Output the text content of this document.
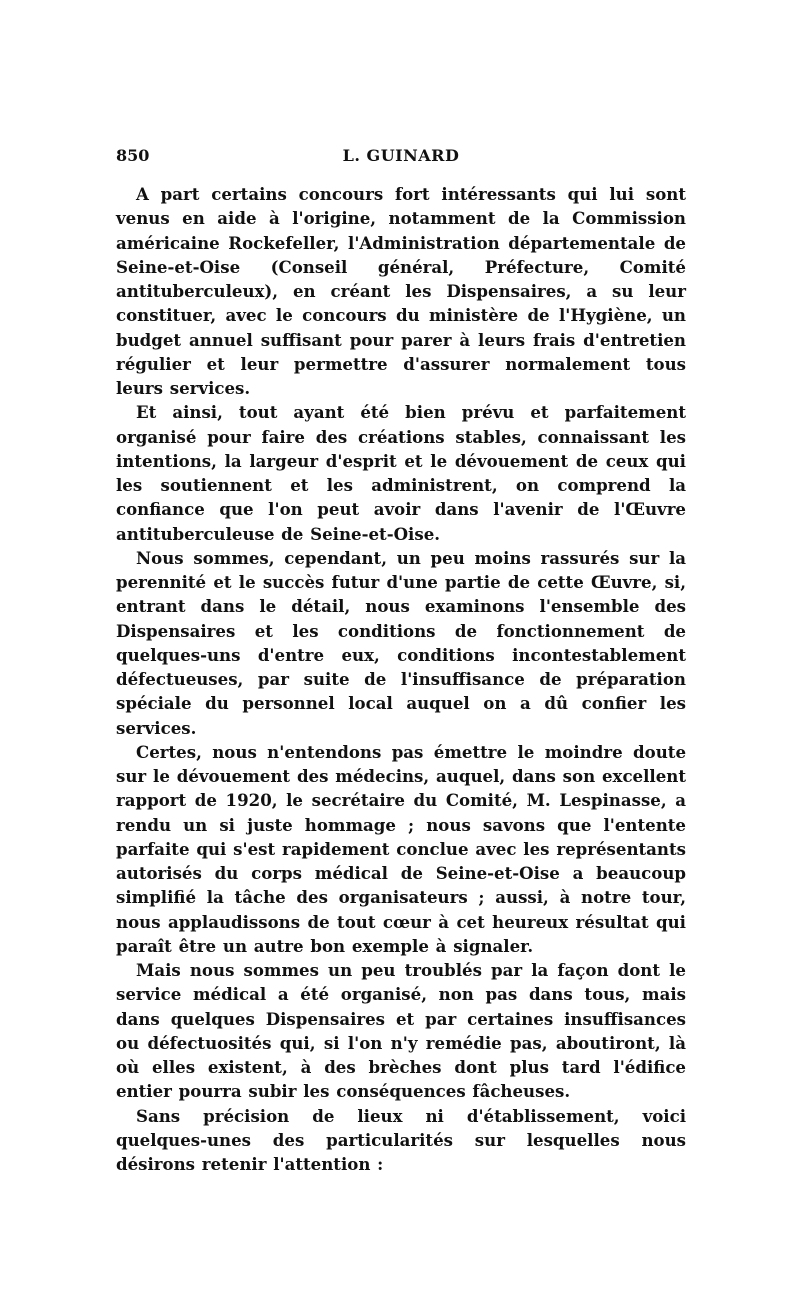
850	L. GUINARD

A part certains concours fort intéressants qui lui sont venus en aide à l'origine, notamment de la Commission américaine Rockefeller, l'Administration départementale de Seine-et-Oise (Conseil général, Préfecture, Comité antituberculeux), en créant les Dispensaires, a su leur constituer, avec le concours du ministère de l'Hygiène, un budget annuel suffisant pour parer à leurs frais d'entretien régulier et leur permettre d'assurer normalement tous leurs services.

Et ainsi, tout ayant été bien prévu et parfaitement organisé pour faire des créations stables, connaissant les intentions, la largeur d'esprit et le dévouement de ceux qui les soutiennent et les administrent, on comprend la confiance que l'on peut avoir dans l'avenir de l'Œuvre antituberculeuse de Seine-et-Oise.

Nous sommes, cependant, un peu moins rassurés sur la perennité et le succès futur d'une partie de cette Œuvre, si, entrant dans le détail, nous examinons l'ensemble des Dispensaires et les conditions de fonctionnement de quelques-uns d'entre eux, conditions incontestablement défectueuses, par suite de l'insuffisance de préparation spéciale du personnel local auquel on a dû confier les services.

Certes, nous n'entendons pas émettre le moindre doute sur le dévouement des médecins, auquel, dans son excellent rapport de 1920, le secrétaire du Comité, M. Lespinasse, a rendu un si juste hommage ; nous savons que l'entente parfaite qui s'est rapidement conclue avec les représentants autorisés du corps médical de Seine-et-Oise a beaucoup simplifié la tâche des organisateurs ; aussi, à notre tour, nous applaudissons de tout cœur à cet heureux résultat qui paraît être un autre bon exemple à signaler.

Mais nous sommes un peu troublés par la façon dont le service médical a été organisé, non pas dans tous, mais dans quelques Dispensaires et par certaines insuffisances ou défectuosités qui, si l'on n'y remédie pas, aboutiront, là où elles existent, à des brèches dont plus tard l'édifice entier pourra subir les conséquences fâcheuses.

Sans précision de lieux ni d'établissement, voici quelques-unes des particularités sur lesquelles nous désirons retenir l'attention :
